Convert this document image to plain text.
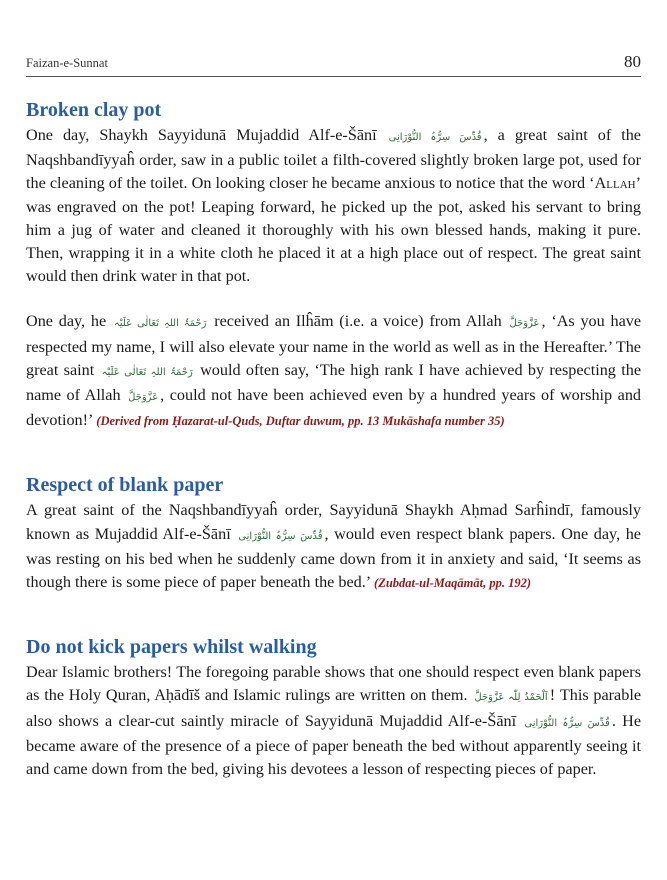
Faizan-e-Sunnat	80
Broken clay pot

One day, Shaykh Sayyidunā Mujaddid Alf-e-Šānī قُدِّسَ سِرُّہُ النُّوْرَانِی , a great saint of the Naqshbandīyyaĥ order, saw in a public toilet a filth-covered slightly broken large pot, used for the cleaning of the toilet. On looking closer he became anxious to notice that the word ‘Allah’ was engraved on the pot! Leaping forward, he picked up the pot, asked his servant to bring him a jug of water and cleaned it thoroughly with his own blessed hands, making it pure. Then, wrapping it in a white cloth he placed it at a high place out of respect. The great saint would then drink water in that pot.

One day, he رَحْمَۃُ اللہِ تَعَالٰی عَلَیْہ received an Ilĥām (i.e. a voice) from Allah عَزَّوَجَلَّ , ‘As you have respected my name, I will also elevate your name in the world as well as in the Hereafter.’ The great saint رَحْمَۃُ اللہِ تَعَالٰی عَلَیْہ would often say, ‘The high rank I have achieved by respecting the name of Allah عَزَّوَجَلَّ , could not have been achieved even by a hundred years of worship and devotion!’ (Derived from Ḥazarat-ul-Quds, Duftar duwum, pp. 13 Mukāshafa number 35)

Respect of blank paper

A great saint of the Naqshbandīyyaĥ order, Sayyidunā Shaykh Aḥmad Sarĥindī, famously known as Mujaddid Alf-e-Šānī قُدِّسَ سِرُّہُ النُّوْرَانِی , would even respect blank papers. One day, he was resting on his bed when he suddenly came down from it in anxiety and said, ‘It seems as though there is some piece of paper beneath the bed.’ (Zubdat-ul-Maqāmāt, pp. 192)

Do not kick papers whilst walking

Dear Islamic brothers! The foregoing parable shows that one should respect even blank papers as the Holy Quran, Aḥādīš and Islamic rulings are written on them. اَلْحَمْدُ لِلّٰہ عَزَّوَجَلَّ ! This parable also shows a clear-cut saintly miracle of Sayyidunā Mujaddid Alf-e-Šānī قُدِّسَ سِرُّہُ النُّوْرَانِی . He became aware of the presence of a piece of paper beneath the bed without apparently seeing it and came down from the bed, giving his devotees a lesson of respecting pieces of paper.
